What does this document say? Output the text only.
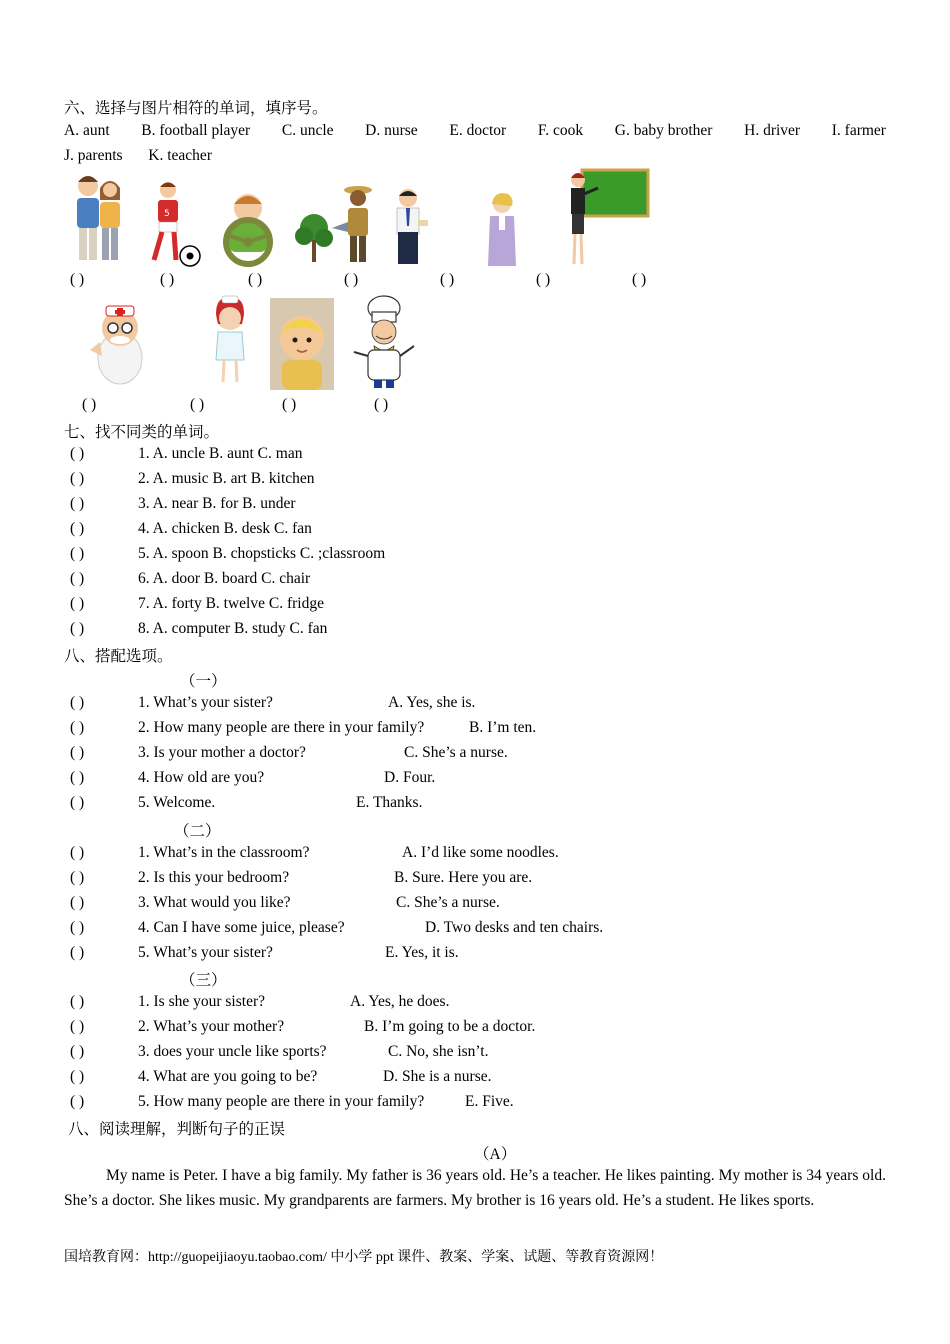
六、选择与图片相符的单词，填序号。
A. aunt B. football player C. uncle D. nurse E. doctor F. cook G. baby brother H. driver I. farmer
J. parents K. teacher
5
( )	( )	( )	( )	( )	( )	( )
( )	( )	( )	( )
七、找不同类的单词。
( )	1. A. uncle B. aunt C. man
( )	2. A. music B. art B. kitchen
( )	3. A. near B. for B. under
( )	4. A. chicken B. desk C. fan
( )	5. A. spoon B. chopsticks C. ;classroom
( )	6. A. door B. board C. chair
( )	7. A. forty B. twelve C. fridge
( )	8. A. computer B. study C. fan
八、搭配选项。
（一）
( )	1. What’s your sister?	A. Yes, she is.
( )	2. How many people are there in your family?	B. I’m ten.
( )	3. Is your mother a doctor?	C. She’s a nurse.
( )	4. How old are you?	D. Four.
( )	5. Welcome.	E. Thanks.
（二）
( )	1. What’s in the classroom?	A. I’d like some noodles.
( )	2. Is this your bedroom?	B. Sure. Here you are.
( )	3. What would you like?	C. She’s a nurse.
( )	4. Can I have some juice, please?	D. Two desks and ten chairs.
( )	5. What’s your sister?	E. Yes, it is.
（三）
( )	1. Is she your sister?	A. Yes, he does.
( )	2. What’s your mother?	B. I’m going to be a doctor.
( )	3. does your uncle like sports?	C. No, she isn’t.
( )	4. What are you going to be?	D. She is a nurse.
( )	5. How many people are there in your family?	E. Five.
八、阅读理解，判断句子的正误
（A）
My name is Peter. I have a big family. My father is 36 years old. He’s a teacher. He likes painting. My mother is 34 years old. She’s a doctor. She likes music. My grandparents are farmers. My brother is 16 years old. He’s a student. He likes sports.
国培教育网：http://guopeijiaoyu.taobao.com/ 中小学 ppt 课件、教案、学案、试题、等教育资源网！
